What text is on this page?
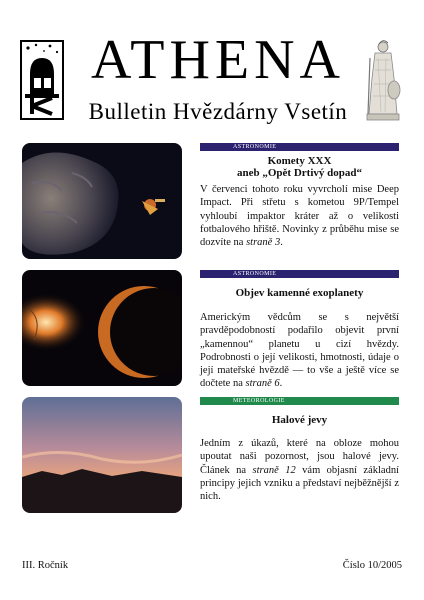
ATHENA
Bulletin Hvězdárny Vsetín
ASTRONOMIE
Komety XXX
aneb „Opět Drtivý dopad“
V červenci tohoto roku vyvrcholí mise Deep Impact. Při střetu s kometou 9P/Tempel vyhloubí impaktor kráter až o velikosti fotbalového hřiště. Novinky z průběhu mise se dozvíte na straně 3.
ASTRONOMIE
Objev kamenné exoplanety
Americkým vědcům se s největší pravděpodobností podařilo objevit první „kamennou“ planetu u cizí hvězdy. Podrobnosti o její velikosti, hmotnosti, údaje o její mateřské hvězdě — to vše a ještě více se dočtete na straně 6.
METEOROLOGIE
Halové jevy
Jedním z úkazů, které na obloze mohou upoutat naši pozornost, jsou halové jevy. Článek na straně 12 vám objasní základní principy jejich vzniku a představí nejběžnější z nich.
III. Ročník	Číslo 10/2005
